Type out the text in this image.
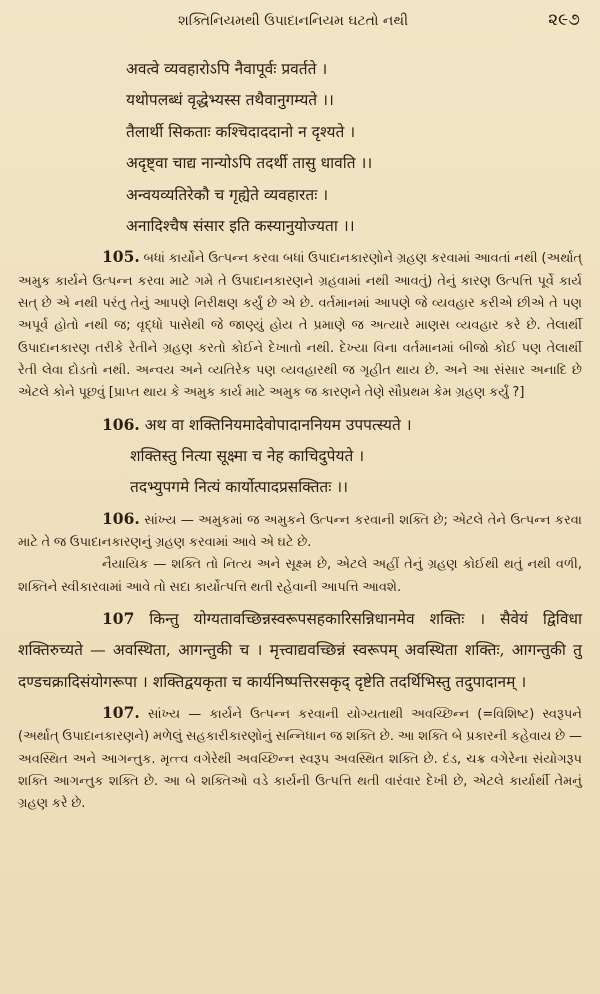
શક્તિનિયમથી ઉપાદાનનિયમ ઘટતો નથી	૨૯૭

अवत्वे व्यवहारोऽपि नैवापूर्वः प्रवर्तते ।

यथोपलब्धं वृद्धेभ्यस्स तथैवानुगम्यते ।।

तैलार्थी सिकताः कश्चिदाददानो न दृश्यते ।

अदृष्ट्वा चाद्य नान्योऽपि तदर्थी तासु धावति ।।

अन्वयव्यतिरेकौ च गृह्येते व्यवहारतः ।

अनादिश्चैष संसार इति कस्यानुयोज्यता ।।

105. બધાં કાર્યોને ઉત્પન્ન કરવા બધાં ઉપાદાનકારણોને ગ્રહણ કરવામાં આવતાં નથી (અર્થાત્ અમુક કાર્યને ઉત્પન્ન કરવા માટે ગમે તે ઉપાદાનકારણને ગ્રહવામાં નથી આવતું) તેનું કારણ ઉત્પત્તિ પૂર્વે કાર્ય સત્ છે એ નથી પરંતુ તેનું આપણે નિરીક્ષણ કર્યું છે એ છે. વર્તમાનમાં આપણે જે વ્યવહાર કરીએ છીએ તે પણ અપૂર્વ હોતો નથી જ; વૃદ્ધો પાસેથી જે જાણ્યું હોય તે પ્રમાણે જ અત્યારે માણસ વ્યવહાર કરે છે. તેલાર્થી ઉપાદાનકારણ તરીકે રેતીને ગ્રહણ કરતો કોઈને દેખાતો નથી. દેખ્યા વિના વર્તમાનમાં બીજો કોઈ પણ તેલાર્થી રેતી લેવા દોડતો નથી. અન્વય અને વ્યતિરેક પણ વ્યવહારથી જ ગૃહીત થાય છે. અને આ સંસાર અનાદિ છે એટલે કોને પૂછવું [પ્રાપ્ત થાય કે અમુક કાર્ય માટે અમુક જ કારણને તેણે સૌપ્રથમ કેમ ગ્રહણ કર્યું ?]

106. अथ वा शक्तिनियमादेवोपादाननियम उपपत्स्यते ।

शक्तिस्तु नित्या सूक्ष्मा च नेह काचिदुपेयते ।

तदभ्युपगमे नित्यं कार्योत्पादप्रसक्तितः ।।

106. સાંખ્ય — અમુકમાં જ અમુકને ઉત્પન્ન કરવાની શક્તિ છે; એટલે તેને ઉત્પન્ન કરવા માટે તે જ ઉપાદાનકારણનું ગ્રહણ કરવામાં આવે એ ઘટે છે.

નૈયાયિક — શક્તિ તો નિત્ય અને સૂક્ષ્મ છે, એટલે અહીં તેનું ગ્રહણ કોઈથી થતું નથી વળી, શક્તિને સ્વીકારવામાં આવે તો સદા કાર્યોત્પત્તિ થતી રહેવાની આપત્તિ આવશે.

107 किन्तु योग्यतावच्छिन्नस्वरूपसहकारिसन्निधानमेव शक्तिः । सैवेयं द्विविधा शक्तिरुच्यते — अवस्थिता, आगन्तुकी च । मृत्त्वाद्यवच्छिन्नं स्वरूपम् अवस्थिता शक्तिः, आगन्तुकी तु दण्डचक्रादिसंयोगरूपा । शक्तिद्वयकृता च कार्यनिष्पत्तिरसकृद् दृष्टेति तदर्थिभिस्तु तदुपादानम् ।

107. સાંખ્ય — કાર્યને ઉત્પન્ન કરવાની યોગ્યતાથી અવચ્છિન્ન (=વિશિષ્ટ) સ્વરૂપને (અર્થાત્ ઉપાદાનકારણને) મળેલું સહકારીકારણોનું સન્નિધાન જ શક્તિ છે. આ શક્તિ બે પ્રકારની કહેવાય છે — અવસ્થિત અને આગન્તુક. મૃત્ત્વ વગેરેથી અવચ્છિન્ન સ્વરૂપ અવસ્થિત શક્તિ છે. દંડ, ચક્ર વગેરેના સંયોગરૂપ શક્તિ આગન્તુક શક્તિ છે. આ બે શક્તિઓ વડે કાર્યની ઉત્પત્તિ થતી વારંવાર દેખી છે, એટલે કાર્યાર્થી તેમનું ગ્રહણ કરે છે.
